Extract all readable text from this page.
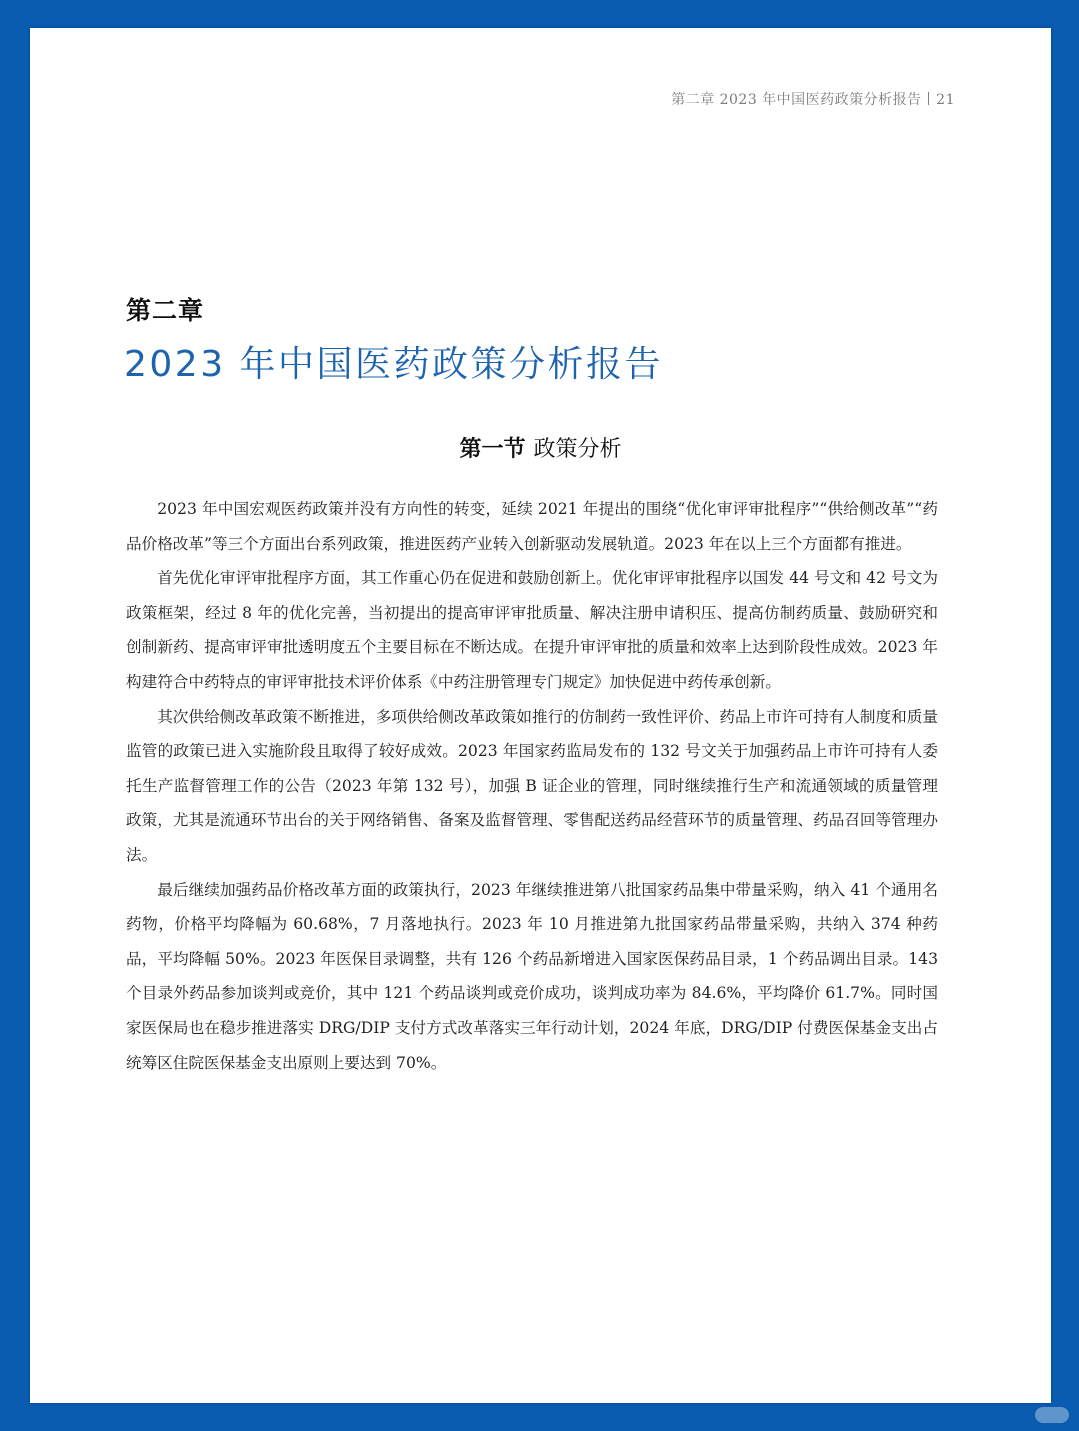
第二章 2023 年中国医药政策分析报告丨21
第二章
2023 年中国医药政策分析报告
第一节 政策分析

2023 年中国宏观医药政策并没有方向性的转变，延续 2021 年提出的围绕“优化审评审批程序”“供给侧改革”“药品价格改革”等三个方面出台系列政策，推进医药产业转入创新驱动发展轨道。2023 年在以上三个方面都有推进。

首先优化审评审批程序方面，其工作重心仍在促进和鼓励创新上。优化审评审批程序以国发 44 号文和 42 号文为政策框架，经过 8 年的优化完善，当初提出的提高审评审批质量、解决注册申请积压、提高仿制药质量、鼓励研究和创制新药、提高审评审批透明度五个主要目标在不断达成。在提升审评审批的质量和效率上达到阶段性成效。2023 年构建符合中药特点的审评审批技术评价体系《中药注册管理专门规定》加快促进中药传承创新。

其次供给侧改革政策不断推进，多项供给侧改革政策如推行的仿制药一致性评价、药品上市许可持有人制度和质量监管的政策已进入实施阶段且取得了较好成效。2023 年国家药监局发布的 132 号文关于加强药品上市许可持有人委托生产监督管理工作的公告（2023 年第 132 号），加强 B 证企业的管理，同时继续推行生产和流通领域的质量管理政策，尤其是流通环节出台的关于网络销售、备案及监督管理、零售配送药品经营环节的质量管理、药品召回等管理办法。

最后继续加强药品价格改革方面的政策执行，2023 年继续推进第八批国家药品集中带量采购，纳入 41 个通用名药物，价格平均降幅为 60.68%，7 月落地执行。2023 年 10 月推进第九批国家药品带量采购，共纳入 374 种药品，平均降幅 50%。2023 年医保目录调整，共有 126 个药品新增进入国家医保药品目录，1 个药品调出目录。143 个目录外药品参加谈判或竞价，其中 121 个药品谈判或竞价成功，谈判成功率为 84.6%，平均降价 61.7%。同时国家医保局也在稳步推进落实 DRG/DIP 支付方式改革落实三年行动计划，2024 年底，DRG/DIP 付费医保基金支出占统筹区住院医保基金支出原则上要达到 70%。
